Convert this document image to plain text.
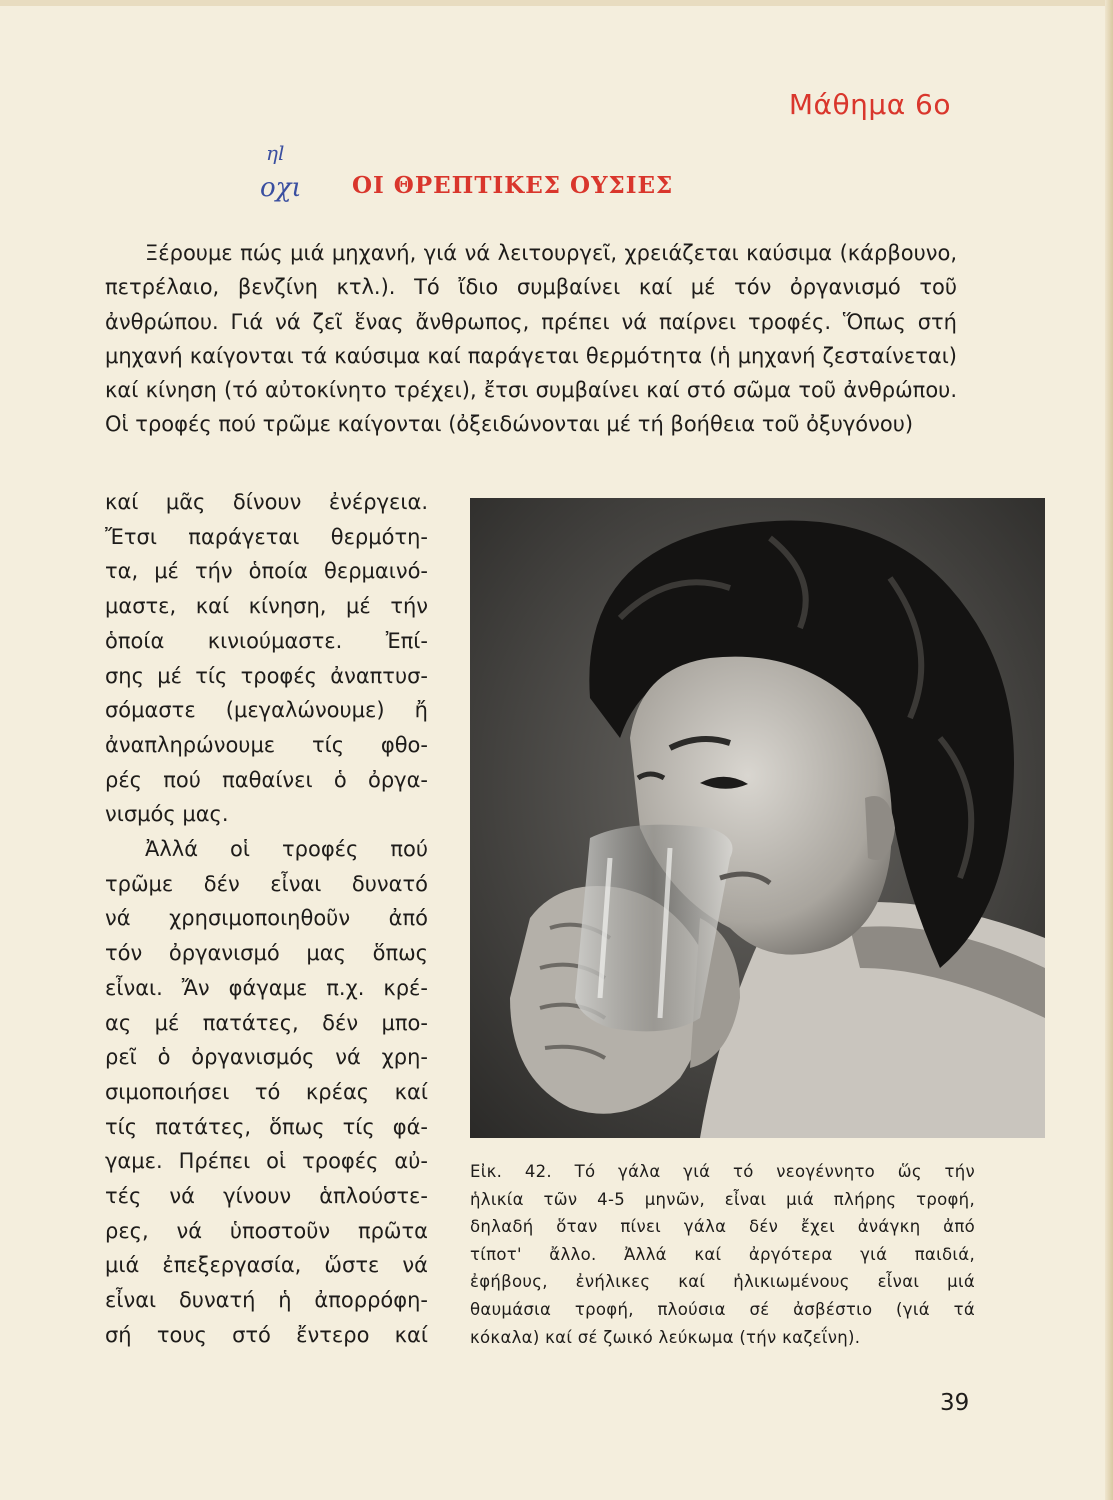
Μάθημα 6ο
ηl
οχι ΟΙ ΘΡΕΠΤΙΚΕΣ ΟΥΣΙΕΣ

Ξέρουμε πώς μιά μηχανή, γιά νά λειτουργεῖ, χρειάζεται καύσιμα (κάρβουνο, πετρέλαιο, βενζίνη κτλ.). Τό ἴδιο συμβαίνει καί μέ τόν ὀργανισμό τοῦ ἀνθρώπου. Γιά νά ζεῖ ἕνας ἄνθρωπος, πρέπει νά παίρνει τροφές. Ὅπως στή μηχανή καίγονται τά καύσιμα καί παράγεται θερμότητα (ἡ μηχανή ζεσταίνεται) καί κίνηση (τό αὐτοκίνητο τρέχει), ἔτσι συμβαίνει καί στό σῶμα τοῦ ἀνθρώπου. Οἱ τροφές πού τρῶμε καίγονται (ὀξειδώνονται μέ τή βοήθεια τοῦ ὀξυγόνου)

καί μᾶς δίνουν ἐνέργεια.
Ἔτσι παράγεται θερμότη-
τα, μέ τήν ὁποία θερμαινό-
μαστε, καί κίνηση, μέ τήν
ὁποία κινιούμαστε. Ἐπί-
σης μέ τίς τροφές ἀναπτυσ-
σόμαστε (μεγαλώνουμε) ἤ
ἀναπληρώνουμε τίς φθο-
ρές πού παθαίνει ὁ ὀργα-
νισμός μας.
Ἀλλά οἱ τροφές πού
τρῶμε δέν εἶναι δυνατό
νά χρησιμοποιηθοῦν ἀπό
τόν ὀργανισμό μας ὅπως
εἶναι. Ἄν φάγαμε π.χ. κρέ-
ας μέ πατάτες, δέν μπο-
ρεῖ ὁ ὀργανισμός νά χρη-
σιμοποιήσει τό κρέας καί
τίς πατάτες, ὅπως τίς φά-
γαμε. Πρέπει οἱ τροφές αὐ-
τές νά γίνουν ἁπλούστε-
ρες, νά ὑποστοῦν πρῶτα
μιά ἐπεξεργασία, ὥστε νά
εἶναι δυνατή ἡ ἀπορρόφη-
σή τους στό ἔντερο καί
Εἰκ. 42. Τό γάλα γιά τό νεογέννητο ὥς τήν
ἡλικία τῶν 4-5 μηνῶν, εἶναι μιά πλήρης τροφή,
δηλαδή ὅταν πίνει γάλα δέν ἔχει ἀνάγκη ἀπό
τίποτ' ἄλλο. Ἀλλά καί ἀργότερα γιά παιδιά,
ἐφήβους, ἐνήλικες καί ἡλικιωμένους εἶναι μιά
θαυμάσια τροφή, πλούσια σέ ἀσβέστιο (γιά τά
κόκαλα) καί σέ ζωικό λεύκωμα (τήν καζεΐνη).
39
